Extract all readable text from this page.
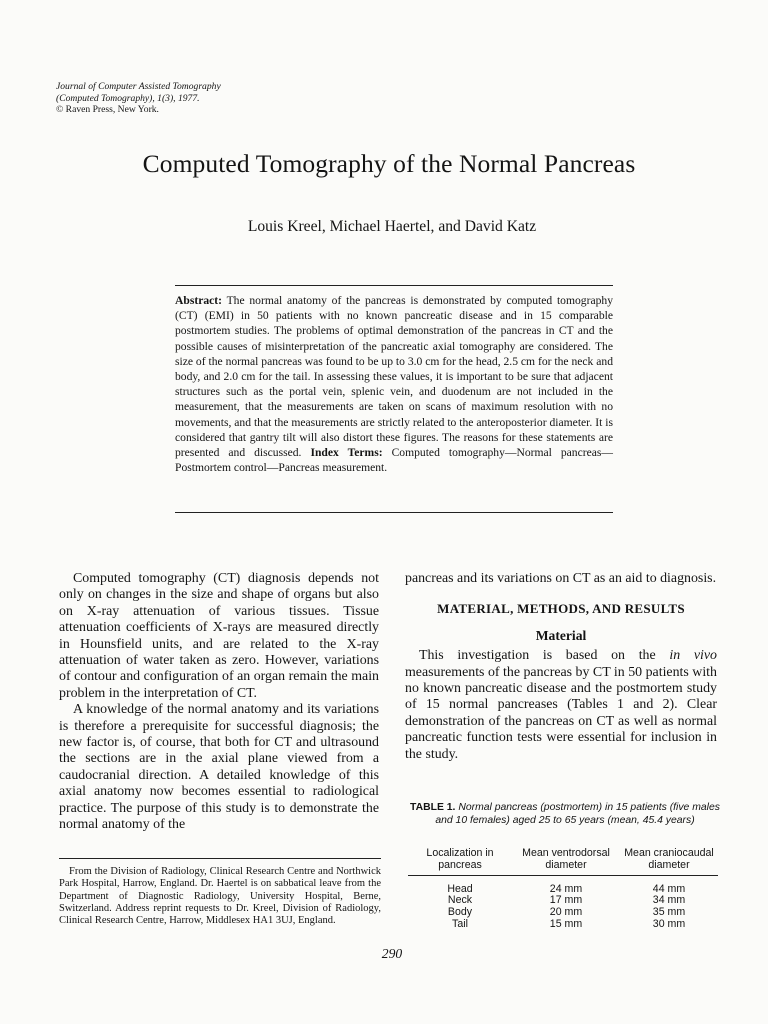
Journal of Computer Assisted Tomography
(Computed Tomography), 1(3), 1977.
© Raven Press, New York.
Computed Tomography of the Normal Pancreas
Louis Kreel, Michael Haertel, and David Katz
Abstract: The normal anatomy of the pancreas is demonstrated by computed tomography (CT) (EMI) in 50 patients with no known pancreatic disease and in 15 comparable postmortem studies. The problems of optimal demonstration of the pancreas in CT and the possible causes of misinterpretation of the pancreatic axial tomography are considered. The size of the normal pancreas was found to be up to 3.0 cm for the head, 2.5 cm for the neck and body, and 2.0 cm for the tail. In assessing these values, it is important to be sure that adjacent structures such as the portal vein, splenic vein, and duodenum are not included in the measurement, that the measurements are taken on scans of maximum resolution with no movements, and that the measurements are strictly related to the anteroposterior diameter. It is considered that gantry tilt will also distort these figures. The reasons for these statements are presented and discussed. Index Terms: Computed tomography—Normal pancreas—Postmortem control—Pancreas measurement.

Computed tomography (CT) diagnosis depends not only on changes in the size and shape of organs but also on X-ray attenuation of various tissues. Tissue attenuation coefficients of X-rays are measured directly in Hounsfield units, and are related to the X-ray attenuation of water taken as zero. However, variations of contour and configuration of an organ remain the main problem in the interpretation of CT.

A knowledge of the normal anatomy and its variations is therefore a prerequisite for successful diagnosis; the new factor is, of course, that both for CT and ultrasound the sections are in the axial plane viewed from a caudocranial direction. A detailed knowledge of this axial anatomy now becomes essential to radiological practice. The purpose of this study is to demonstrate the normal anatomy of the

From the Division of Radiology, Clinical Research Centre and Northwick Park Hospital, Harrow, England. Dr. Haertel is on sabbatical leave from the Department of Diagnostic Radiology, University Hospital, Berne, Switzerland. Address reprint requests to Dr. Kreel, Division of Radiology, Clinical Research Centre, Harrow, Middlesex HA1 3UJ, England.

pancreas and its variations on CT as an aid to diagnosis.

MATERIAL, METHODS, AND RESULTS
Material

This investigation is based on the in vivo measurements of the pancreas by CT in 50 patients with no known pancreatic disease and the postmortem study of 15 normal pancreases (Tables 1 and 2). Clear demonstration of the pancreas on CT as well as normal pancreatic function tests were essential for inclusion in the study.

TABLE 1. Normal pancreas (postmortem) in 15 patients (five males and 10 females) aged 25 to 65 years (mean, 45.4 years)
Localization in pancreas	Mean ventrodorsal diameter	Mean craniocaudal diameter
Head	24 mm	44 mm
Neck	17 mm	34 mm
Body	20 mm	35 mm
Tail	15 mm	30 mm
290
